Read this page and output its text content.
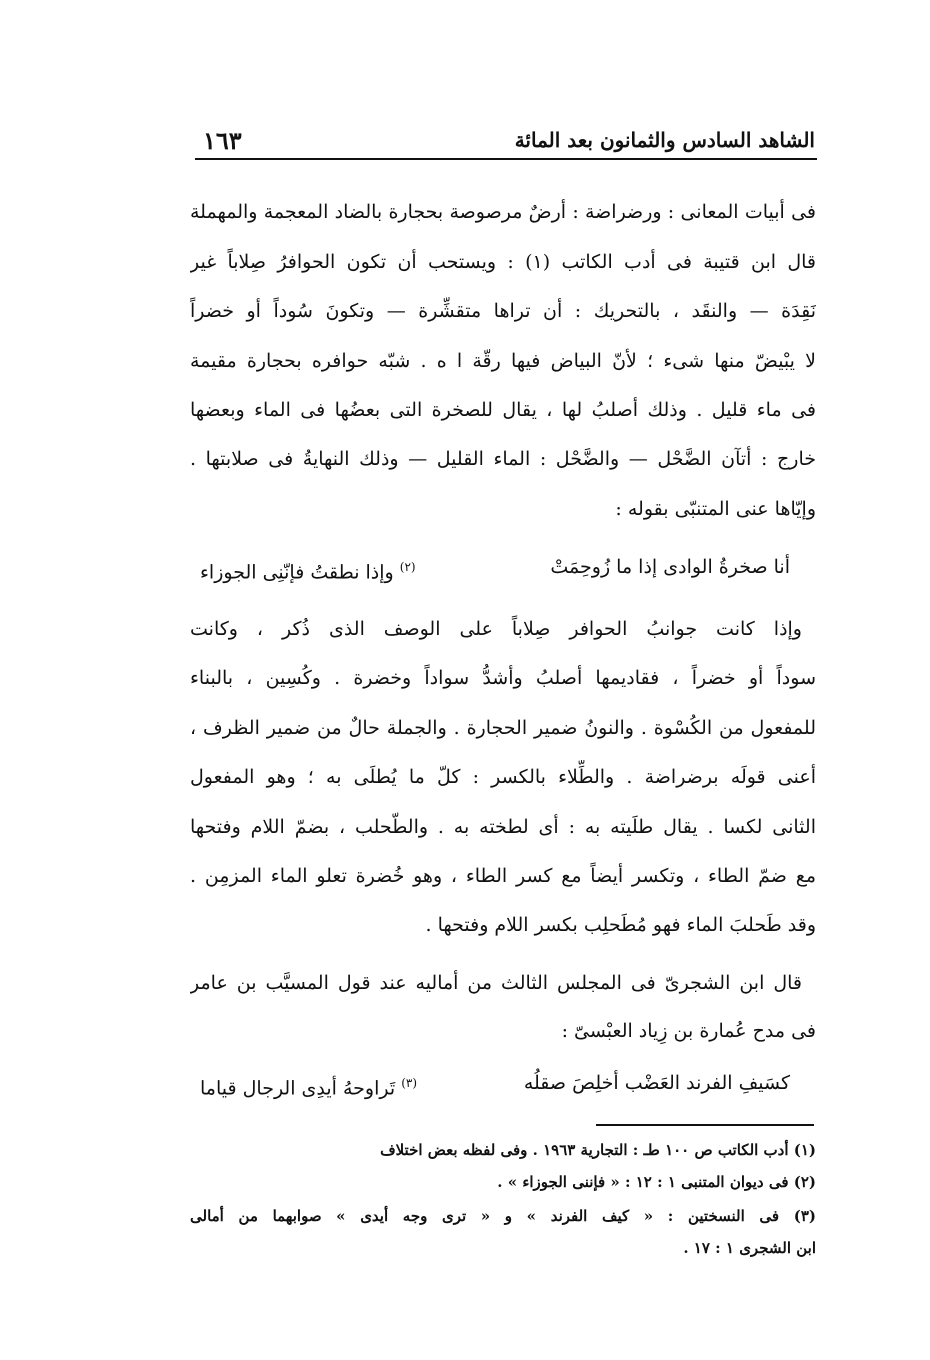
الشاهد السادس والثمانون بعد المائة
١٦٣
فى أبيات المعانى : ورضراضة : أرضٌ مرصوصة بحجارة بالضاد المعجمة والمهملة
قال ابن قتيبة فى أدب الكاتب (١) : ويستحب أن تكون الحوافرُ صِلاباً غير
نَقِدَة — والنقَد ، بالتحريك : أن تراها متقشِّرة — وتكونَ سُوداً أو خضراً
لا يبْيضّ منها شىء ؛ لأنّ البياض فيها رقّة ا ه . شبّه حوافره بحجارة مقيمة
فى ماء قليل . وذلك أصلبُ لها ، يقال للصخرة التى بعضُها فى الماء وبعضها
خارج : أتآن الضَّحْل — والضَّحْل : الماء القليل — وذلك النهايةُ فى صلابتها .
وإيّاها عنى المتنبّى بقوله :
أنا صخرةُ الوادى إذا ما زُوحِمَتْ
$^{(٢)}$ وإذا نطقتُ فإنّنِى الجوزاء
وإذا كانت جوانبُ الحوافر صِلاباً على الوصف الذى ذُكر ، وكانت
سوداً أو خضراً ، فقاديمها أصلبُ وأشدُّ سواداً وخضرة . وكُسِين ، بالبناء
للمفعول من الكُسْوة . والنونُ ضمير الحجارة . والجملة حالٌ من ضمير الظرف ،
أعنى قولَه برضراضة . والطِّلاء بالكسر : كلّ ما يُطلَى به ؛ وهو المفعول
الثانى لكسا . يقال طلَيته به : أى لطخته به . والطّحلب ، بضمّ اللام وفتحها
مع ضمّ الطاء ، وتكسر أيضاً مع كسر الطاء ، وهو خُضرة تعلو الماء المزمِن .
وقد طَحلبَ الماء فهو مُطَحلِب بكسر اللام وفتحها .
قال ابن الشجرىّ فى المجلس الثالث من أماليه عند قول المسيَّب بن عامر
فى مدح عُمارة بن زِياد العبْسىّ :
كسَيفِ الفرند العَضْب أخلِصَ صقلُه
$^{(٣)}$ تَراوحهُ أيدِى الرجال قياما
(١) أدب الكاتب ص ١٠٠ طـ : التجارية ١٩٦٣ . وفى لفظه بعض اختلاف
(٢) فى ديوان المتنبى ١ : ١٢ : « فإننى الجوزاء » .
(٣) فى النسختين : « كيف الفرند » و « ترى وجه أيدى » صوابهما من أمالى
ابن الشجرى ١ : ١٧ .
